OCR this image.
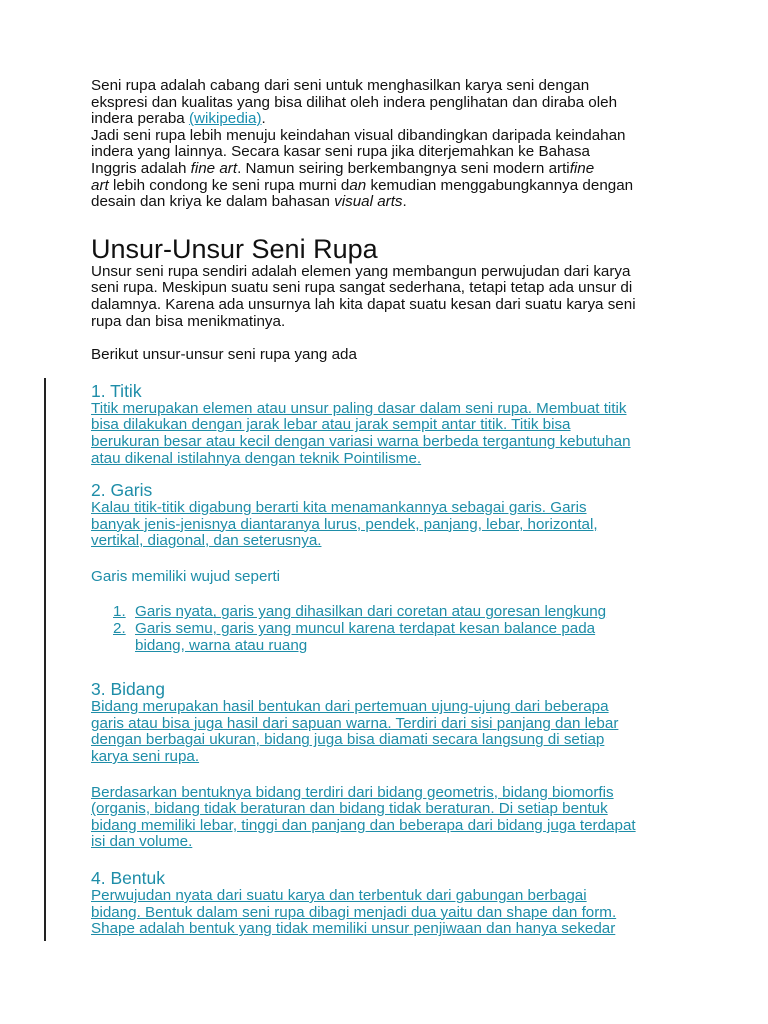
Seni rupa adalah cabang dari seni untuk menghasilkan karya seni dengan

ekspresi dan kualitas yang bisa dilihat oleh indera penglihatan dan diraba oleh

indera peraba (wikipedia).

Jadi seni rupa lebih menuju keindahan visual dibandingkan daripada keindahan

indera yang lainnya. Secara kasar seni rupa jika diterjemahkan ke Bahasa

Inggris adalah fine art. Namun seiring berkembangnya seni modern artifine

art lebih condong ke seni rupa murni dan kemudian menggabungkannya dengan

desain dan kriya ke dalam bahasan visual arts.

Unsur-Unsur Seni Rupa

Unsur seni rupa sendiri adalah elemen yang membangun perwujudan dari karya

seni rupa. Meskipun suatu seni rupa sangat sederhana, tetapi tetap ada unsur di

dalamnya. Karena ada unsurnya lah kita dapat suatu kesan dari suatu karya seni

rupa dan bisa menikmatinya.

Berikut unsur-unsur seni rupa yang ada

1. Titik

Titik merupakan elemen atau unsur paling dasar dalam seni rupa. Membuat titik

bisa dilakukan dengan jarak lebar atau jarak sempit antar titik. Titik bisa

berukuran besar atau kecil dengan variasi warna berbeda tergantung kebutuhan

atau dikenal istilahnya dengan teknik Pointilisme.

2. Garis

Kalau titik-titik digabung berarti kita menamankannya sebagai garis. Garis

banyak jenis-jenisnya diantaranya lurus, pendek, panjang, lebar, horizontal,

vertikal, diagonal, dan seterusnya.

Garis memiliki wujud seperti

1. Garis nyata, garis yang dihasilkan dari coretan atau goresan lengkung
2. Garis semu, garis yang muncul karena terdapat kesan balance pada
bidang, warna atau ruang
3. Bidang

Bidang merupakan hasil bentukan dari pertemuan ujung-ujung dari beberapa

garis atau bisa juga hasil dari sapuan warna. Terdiri dari sisi panjang dan lebar

dengan berbagai ukuran, bidang juga bisa diamati secara langsung di setiap

karya seni rupa.

Berdasarkan bentuknya bidang terdiri dari bidang geometris, bidang biomorfis

(organis, bidang tidak beraturan dan bidang tidak beraturan. Di setiap bentuk

bidang memiliki lebar, tinggi dan panjang dan beberapa dari bidang juga terdapat

isi dan volume.

4. Bentuk

Perwujudan nyata dari suatu karya dan terbentuk dari gabungan berbagai

bidang. Bentuk dalam seni rupa dibagi menjadi dua yaitu dan shape dan form.

Shape adalah bentuk yang tidak memiliki unsur penjiwaan dan hanya sekedar
